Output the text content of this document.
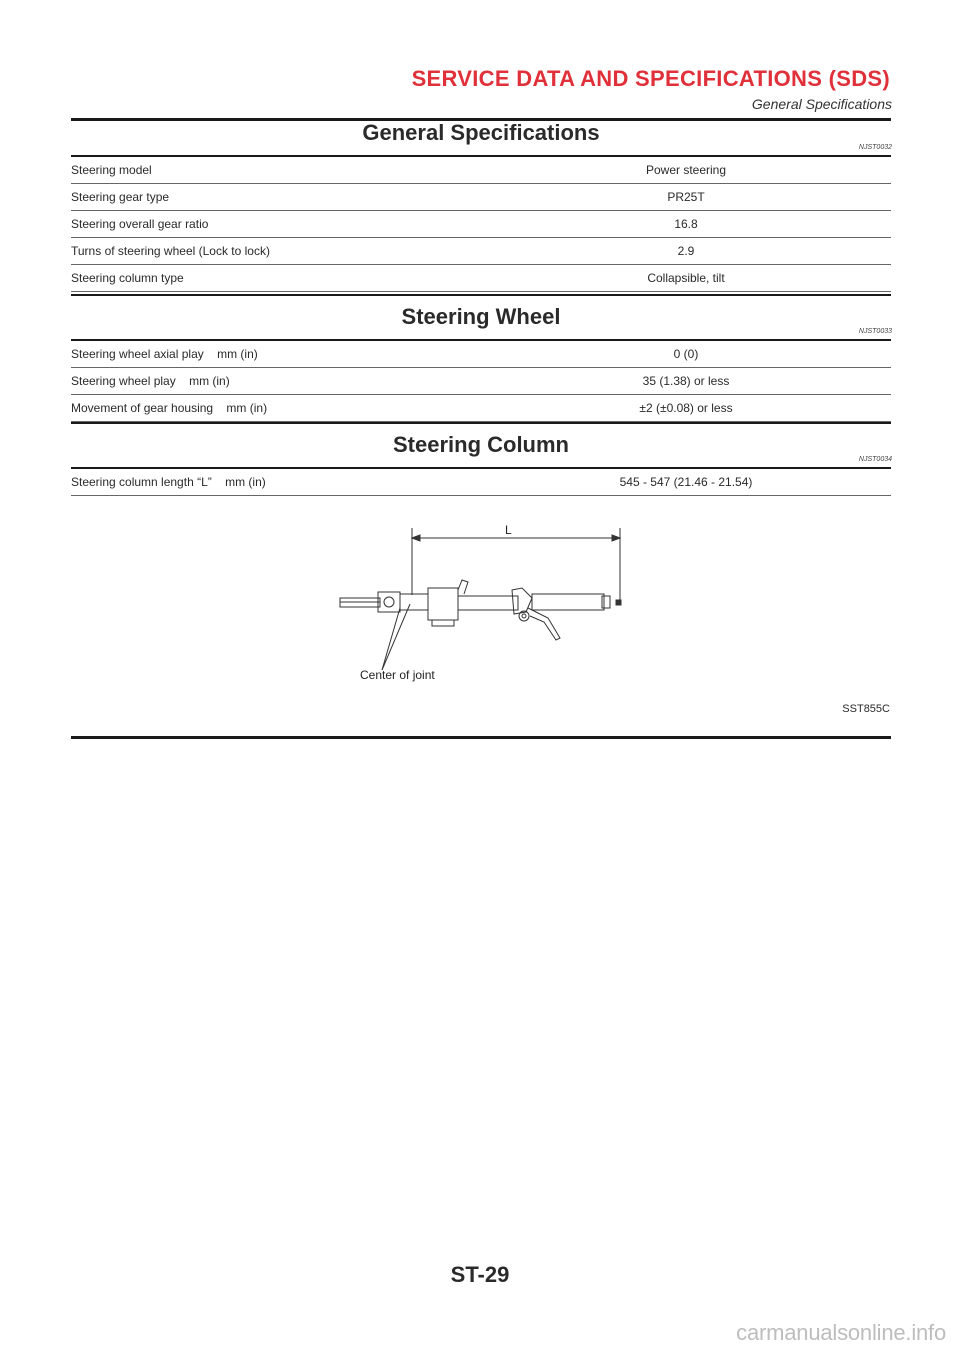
SERVICE DATA AND SPECIFICATIONS (SDS)
General Specifications
General Specifications
NJST0032
Steering model	Power steering
Steering gear type	PR25T
Steering overall gear ratio	16.8
Turns of steering wheel (Lock to lock)	2.9
Steering column type	Collapsible, tilt
Steering Wheel
NJST0033
Steering wheel axial play    mm (in)	0 (0)
Steering wheel play    mm (in)	35 (1.38) or less
Movement of gear housing    mm (in)	±2 (±0.08) or less
Steering Column
NJST0034
Steering column length “L”    mm (in)	545 - 547 (21.46 - 21.54)
L
Center of joint
SST855C
ST-29
carmanualsonline.info
